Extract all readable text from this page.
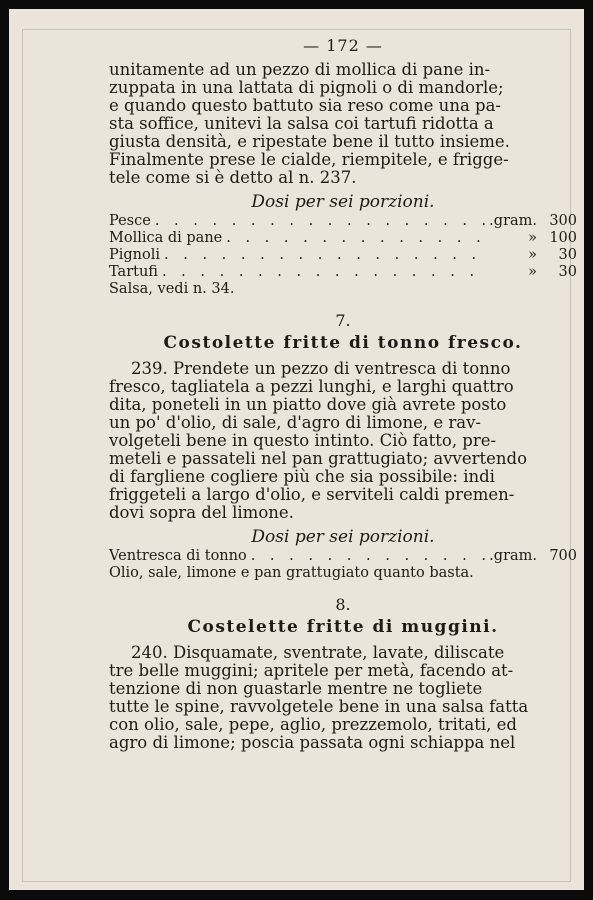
— 172 —
unitamente ad un pezzo di mollica di pane in-
zuppata in una lattata di pignoli o di mandorle;
e quando questo battuto sia reso come una pa-
sta soffice, unitevi la salsa coi tartufi ridotta a
giusta densità, e ripestate bene il tutto insieme.
Finalmente prese le cialde, riempitele, e frigge-
tele come si è detto al n. 237.
Dosi per sei porzioni.
Pesce . . .	.gram. 300
Mollica di pane . . .	» 100
Pignoli . . .	»	30
Tartufi . . .	»	30
Salsa, vedi n. 34.
7.
Costolette fritte di tonno fresco.
239. Prendete un pezzo di ventresca di tonno
fresco, tagliatela a pezzi lunghi, e larghi quattro
dita, poneteli in un piatto dove già avrete posto
un po' d'olio, di sale, d'agro di limone, e rav-
volgeteli bene in questo intinto. Ciò fatto, pre-
meteli e passateli nel pan grattugiato; avvertendo
di fargliene cogliere più che sia possibile: indi
friggeteli a largo d'olio, e serviteli caldi premen-
dovi sopra del limone.
Dosi per sei porzioni.
Ventresca di tonno . . .	.gram. 700
Olio, sale, limone e pan grattugiato quanto basta.
8.
Costelette fritte di muggini.
240. Disquamate, sventrate, lavate, diliscate
tre belle muggini; apritele per metà, facendo at-
tenzione di non guastarle mentre ne togliete
tutte le spine, ravvolgetele bene in una salsa fatta
con olio, sale, pepe, aglio, prezzemolo, tritati, ed
agro di limone; poscia passata ogni schiappa nel
